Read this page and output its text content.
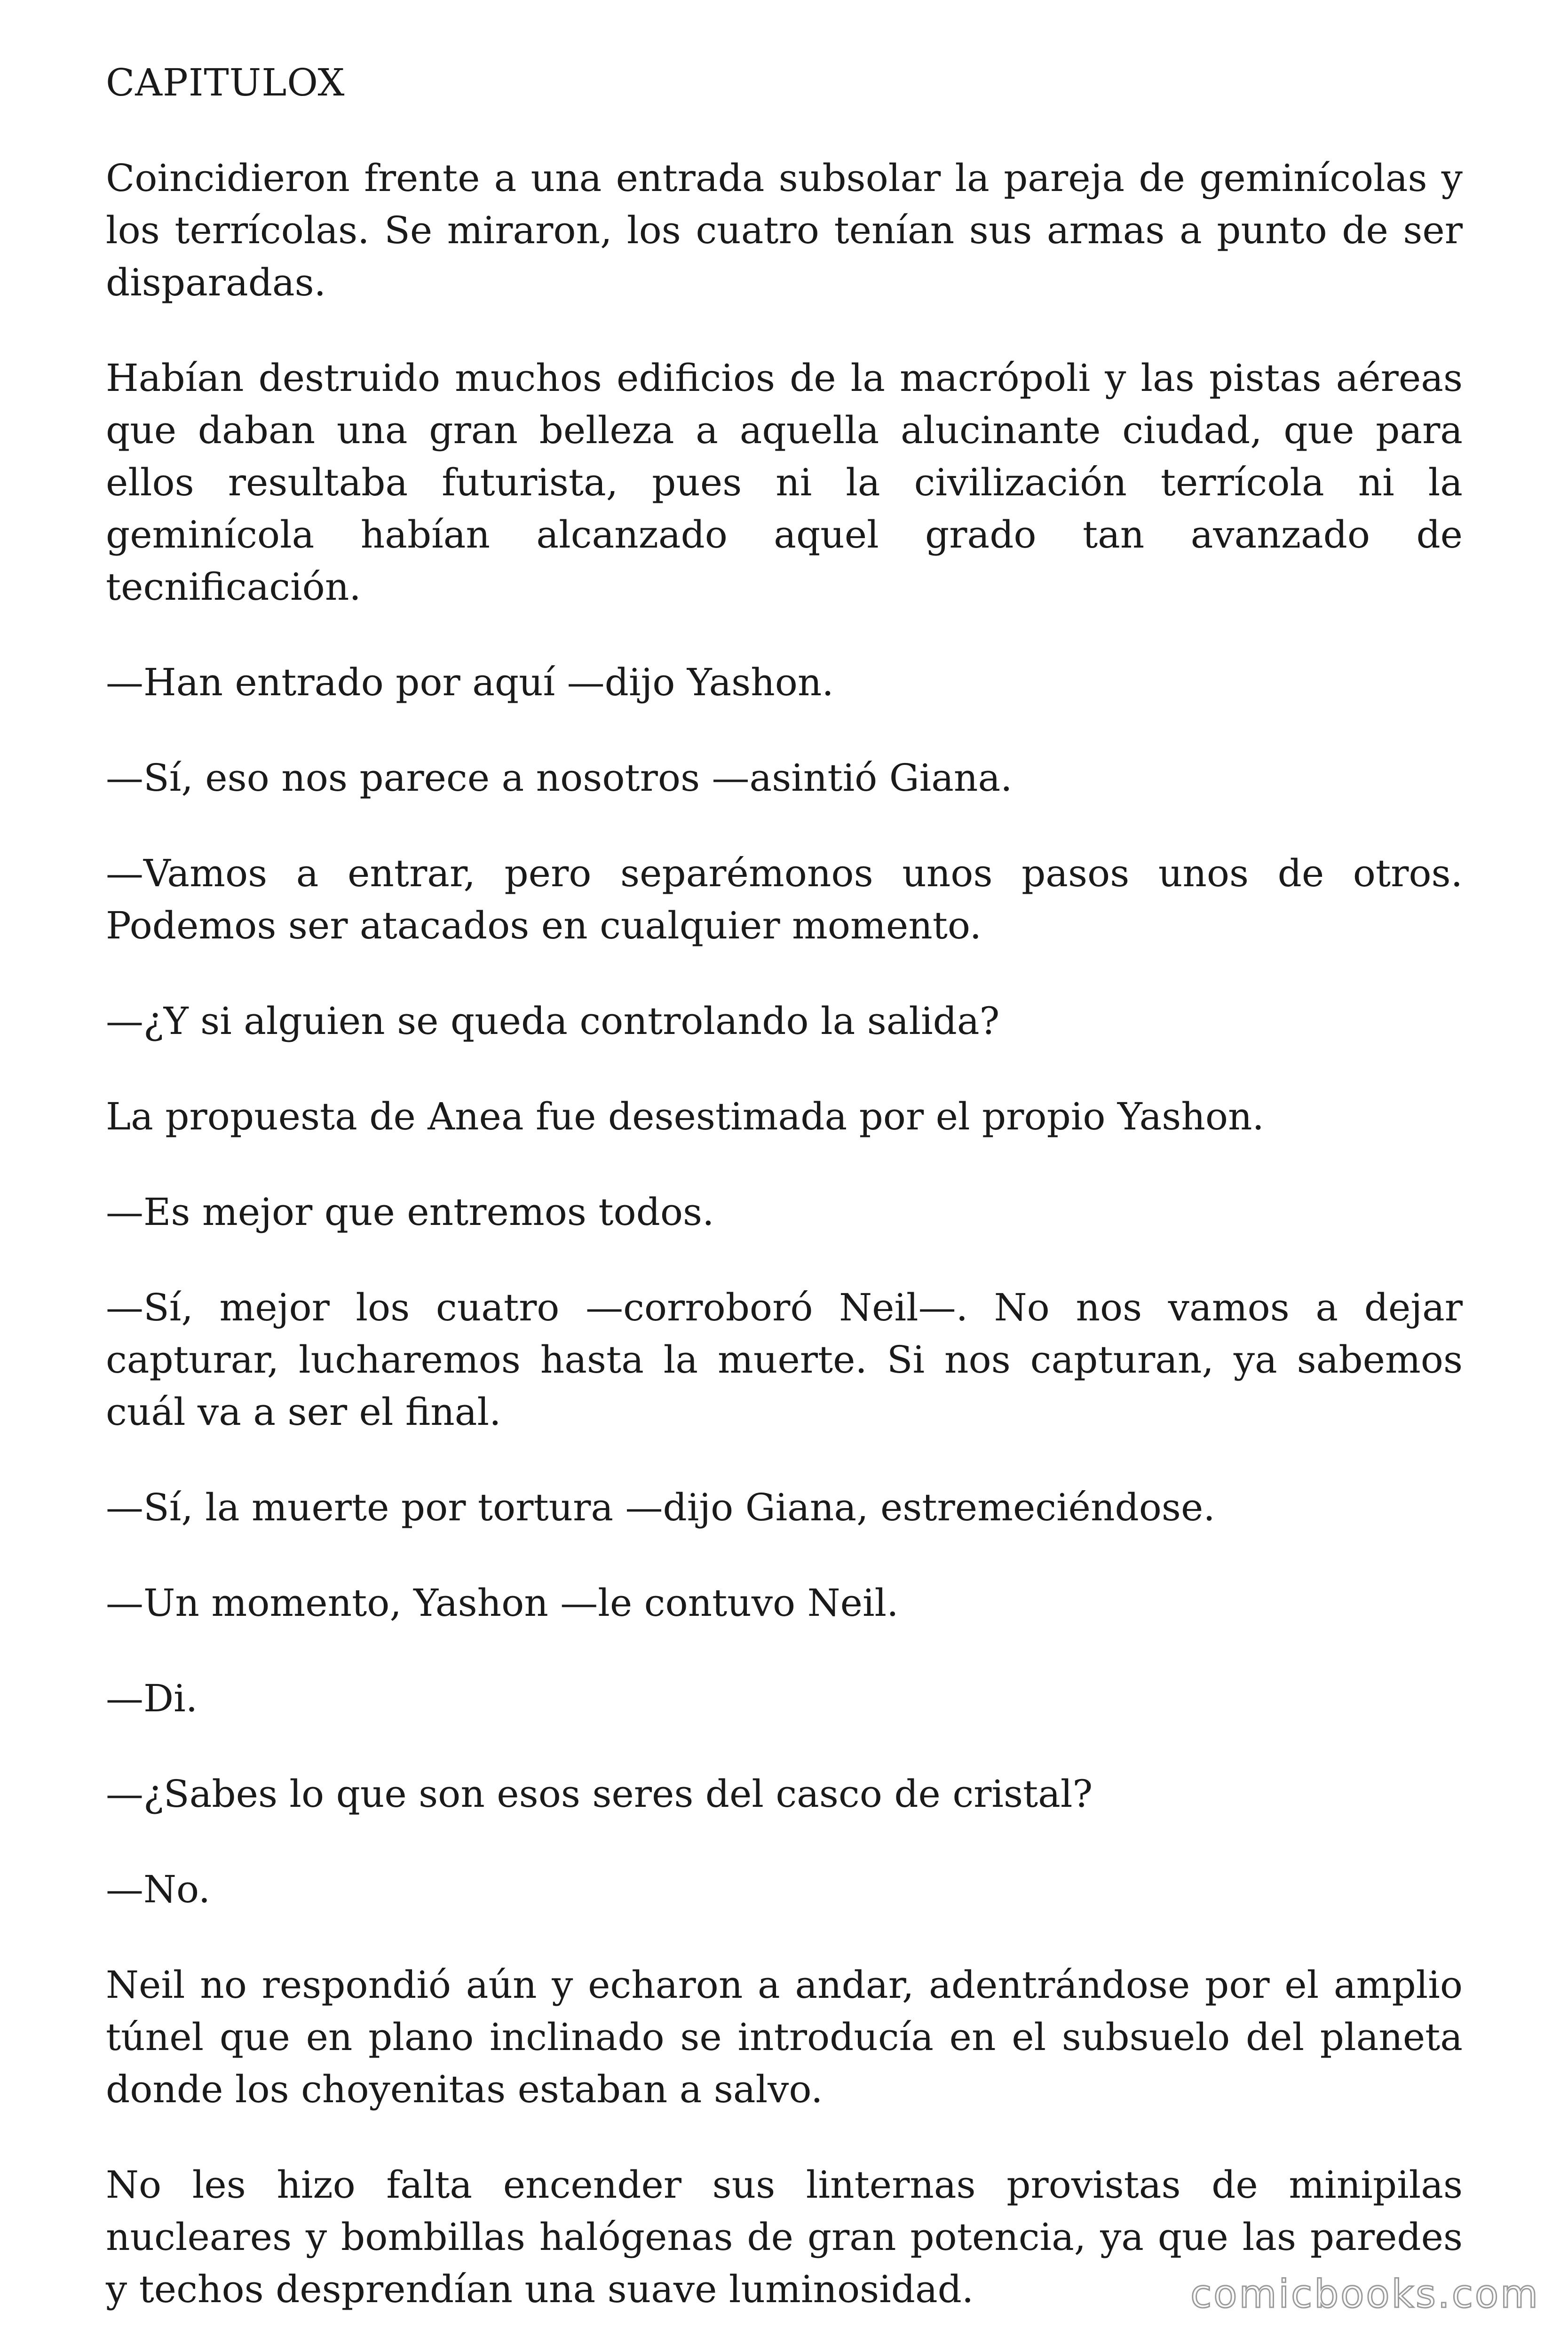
CAPITULOX
Coincidieron frente a una entrada subsolar la pareja de geminícolas y los terrícolas. Se miraron, los cuatro tenían sus armas a punto de ser disparadas.
Habían destruido muchos edificios de la macrópoli y las pistas aéreas que daban una gran belleza a aquella alucinante ciudad, que para ellos resultaba futurista, pues ni la civilización terrícola ni la geminícola habían alcanzado aquel grado tan avanzado de tecnificación.
—Han entrado por aquí —dijo Yashon.
—Sí, eso nos parece a nosotros —asintió Giana.
—Vamos a entrar, pero separémonos unos pasos unos de otros. Podemos ser atacados en cualquier momento.
—¿Y si alguien se queda controlando la salida?
La propuesta de Anea fue desestimada por el propio Yashon.
—Es mejor que entremos todos.
—Sí, mejor los cuatro —corroboró Neil—. No nos vamos a dejar capturar, lucharemos hasta la muerte. Si nos capturan, ya sabemos cuál va a ser el final.
—Sí, la muerte por tortura —dijo Giana, estremeciéndose.
—Un momento, Yashon —le contuvo Neil.
—Di.
—¿Sabes lo que son esos seres del casco de cristal?
—No.
Neil no respondió aún y echaron a andar, adentrándose por el amplio túnel que en plano inclinado se introducía en el subsuelo del planeta donde los choyenitas estaban a salvo.
No les hizo falta encender sus linternas provistas de minipilas nucleares y bombillas halógenas de gran potencia, ya que las paredes y techos desprendían una suave luminosidad.	comicbooks.com
